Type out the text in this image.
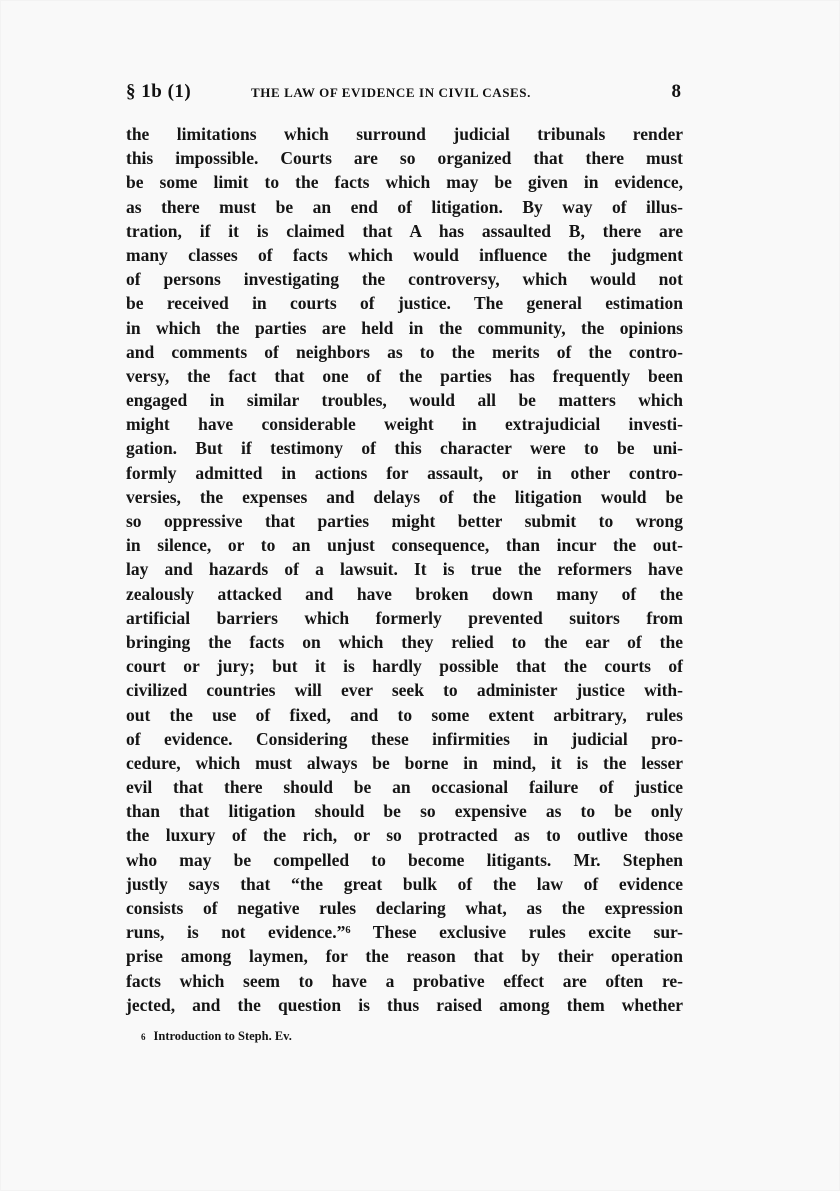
§ 1b (1)	THE LAW OF EVIDENCE IN CIVIL CASES.	8
the limitations which surround judicial tribunals render
this impossible. Courts are so organized that there must
be some limit to the facts which may be given in evidence,
as there must be an end of litigation. By way of illus-
tration, if it is claimed that A has assaulted B, there are
many classes of facts which would influence the judgment
of persons investigating the controversy, which would not
be received in courts of justice. The general estimation
in which the parties are held in the community, the opinions
and comments of neighbors as to the merits of the contro-
versy, the fact that one of the parties has frequently been
engaged in similar troubles, would all be matters which
might have considerable weight in extrajudicial investi-
gation. But if testimony of this character were to be uni-
formly admitted in actions for assault, or in other contro-
versies, the expenses and delays of the litigation would be
so oppressive that parties might better submit to wrong
in silence, or to an unjust consequence, than incur the out-
lay and hazards of a lawsuit. It is true the reformers have
zealously attacked and have broken down many of the
artificial barriers which formerly prevented suitors from
bringing the facts on which they relied to the ear of the
court or jury; but it is hardly possible that the courts of
civilized countries will ever seek to administer justice with-
out the use of fixed, and to some extent arbitrary, rules
of evidence. Considering these infirmities in judicial pro-
cedure, which must always be borne in mind, it is the lesser
evil that there should be an occasional failure of justice
than that litigation should be so expensive as to be only
the luxury of the rich, or so protracted as to outlive those
who may be compelled to become litigants. Mr. Stephen
justly says that “the great bulk of the law of evidence
consists of negative rules declaring what, as the expression
runs, is not evidence.”⁶ These exclusive rules excite sur-
prise among laymen, for the reason that by their operation
facts which seem to have a probative effect are often re-
jected, and the question is thus raised among them whether
6 Introduction to Steph. Ev.
